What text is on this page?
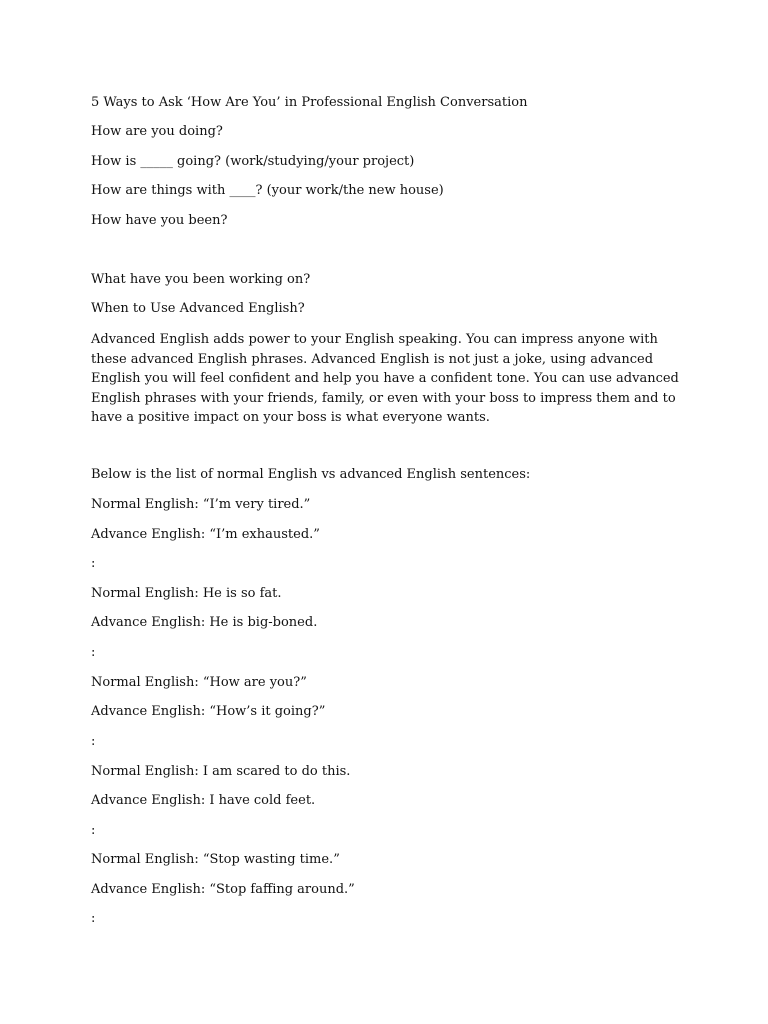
5 Ways to Ask ‘How Are You’ in Professional English Conversation

How are you doing?

How is _____ going? (work/studying/your project)

How are things with ____? (your work/the new house)

How have you been?

What have you been working on?

When to Use Advanced English?

Advanced English adds power to your English speaking. You can impress anyone with
these advanced English phrases. Advanced English is not just a joke, using advanced
English you will feel confident and help you have a confident tone. You can use advanced
English phrases with your friends, family, or even with your boss to impress them and to
have a positive impact on your boss is what everyone wants.

Below is the list of normal English vs advanced English sentences:

Normal English: “I’m very tired.”

Advance English: “I’m exhausted.”

:

Normal English: He is so fat.

Advance English: He is big-boned.

:

Normal English: “How are you?”

Advance English: “How’s it going?”

:

Normal English: I am scared to do this.

Advance English: I have cold feet.

:

Normal English: “Stop wasting time.”

Advance English: “Stop faffing around.”

:
